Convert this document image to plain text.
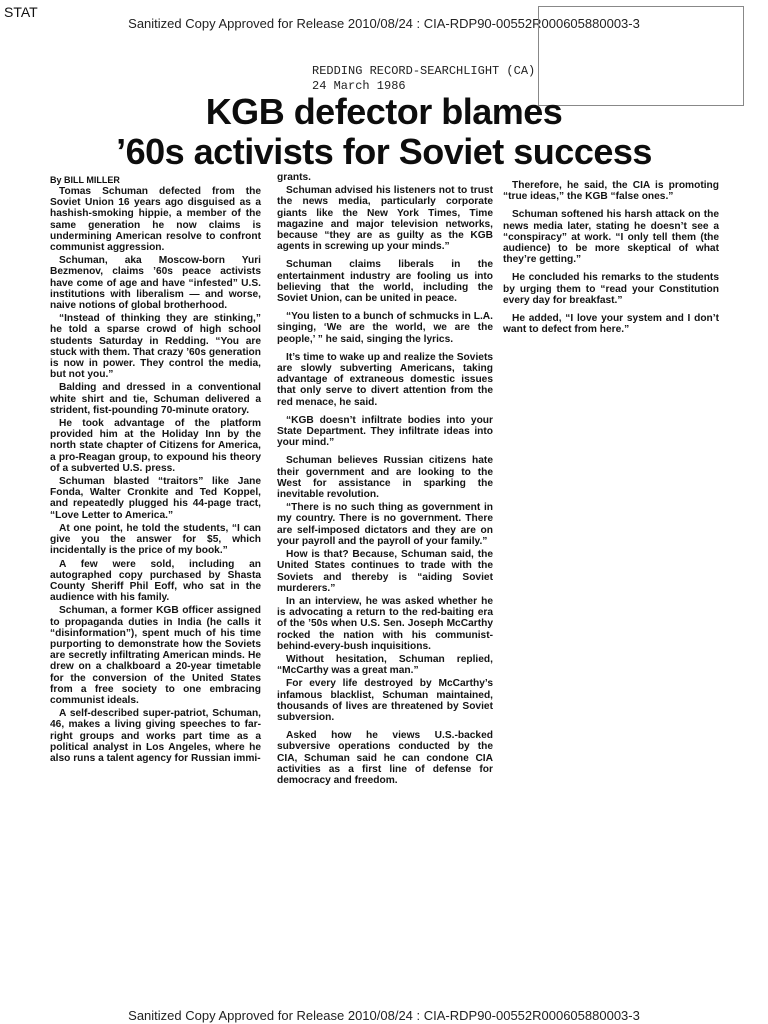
STAT
Sanitized Copy Approved for Release 2010/08/24 : CIA-RDP90-00552R000605880003-3
REDDING RECORD-SEARCHLIGHT (CA)
24 March 1986
KGB defector blames
’60s activists for Soviet success
By BILL MILLER

Tomas Schuman defected from the Soviet Union 16 years ago disguised as a hashish-smoking hippie, a member of the same generation he now claims is undermining American resolve to confront communist aggression.

Schuman, aka Moscow-born Yuri Bezmenov, claims ’60s peace activists have come of age and have “infested” U.S. institutions with liberalism — and worse, naive notions of global brotherhood.

“Instead of thinking they are stinking,” he told a sparse crowd of high school students Saturday in Redding. “You are stuck with them. That crazy ’60s generation is now in power. They control the media, but not you.”

Balding and dressed in a conventional white shirt and tie, Schuman delivered a strident, fist-pounding 70-minute oratory.

He took advantage of the platform provided him at the Holiday Inn by the north state chapter of Citizens for America, a pro-Reagan group, to expound his theory of a subverted U.S. press.

Schuman blasted “traitors” like Jane Fonda, Walter Cronkite and Ted Koppel, and repeatedly plugged his 44-page tract, “Love Letter to America.”

At one point, he told the students, “I can give you the answer for $5, which incidentally is the price of my book.”

A few were sold, including an autographed copy purchased by Shasta County Sheriff Phil Eoff, who sat in the audience with his family.

Schuman, a former KGB officer assigned to propaganda duties in India (he calls it “disinformation”), spent much of his time purporting to demonstrate how the Soviets are secretly infiltrating American minds. He drew on a chalkboard a 20-year timetable for the conversion of the United States from a free society to one embracing communist ideals.

A self-described super-patriot, Schuman, 46, makes a living giving speeches to far-right groups and works part time as a political analyst in Los Angeles, where he also runs a talent agency for Russian immi-

grants.

Schuman advised his listeners not to trust the news media, particularly corporate giants like the New York Times, Time magazine and major television networks, because “they are as guilty as the KGB agents in screwing up your minds.”

Schuman claims liberals in the entertainment industry are fooling us into believing that the world, including the Soviet Union, can be united in peace.

“You listen to a bunch of schmucks in L.A. singing, ‘We are the world, we are the people,’ ” he said, singing the lyrics.

It’s time to wake up and realize the Soviets are slowly subverting Americans, taking advantage of extraneous domestic issues that only serve to divert attention from the red menace, he said.

“KGB doesn’t infiltrate bodies into your State Department. They infiltrate ideas into your mind.”

Schuman believes Russian citizens hate their government and are looking to the West for assistance in sparking the inevitable revolution.

“There is no such thing as government in my country. There is no government. There are self-imposed dictators and they are on your payroll and the payroll of your family.”

How is that? Because, Schuman said, the United States continues to trade with the Soviets and thereby is “aiding Soviet murderers.”

In an interview, he was asked whether he is advocating a return to the red-baiting era of the ’50s when U.S. Sen. Joseph McCarthy rocked the nation with his communist-behind-every-bush inquisitions.

Without hesitation, Schuman replied, “McCarthy was a great man.”

For every life destroyed by McCarthy’s infamous blacklist, Schuman maintained, thousands of lives are threatened by Soviet subversion.

Asked how he views U.S.-backed subversive operations conducted by the CIA, Schuman said he can condone CIA activities as a first line of defense for democracy and freedom.

Therefore, he said, the CIA is promoting “true ideas,” the KGB “false ones.”

Schuman softened his harsh attack on the news media later, stating he doesn’t see a “conspiracy” at work. “I only tell them (the audience) to be more skeptical of what they’re getting.”

He concluded his remarks to the students by urging them to “read your Constitution every day for breakfast.”

He added, “I love your system and I don’t want to defect from here.”

Sanitized Copy Approved for Release 2010/08/24 : CIA-RDP90-00552R000605880003-3
